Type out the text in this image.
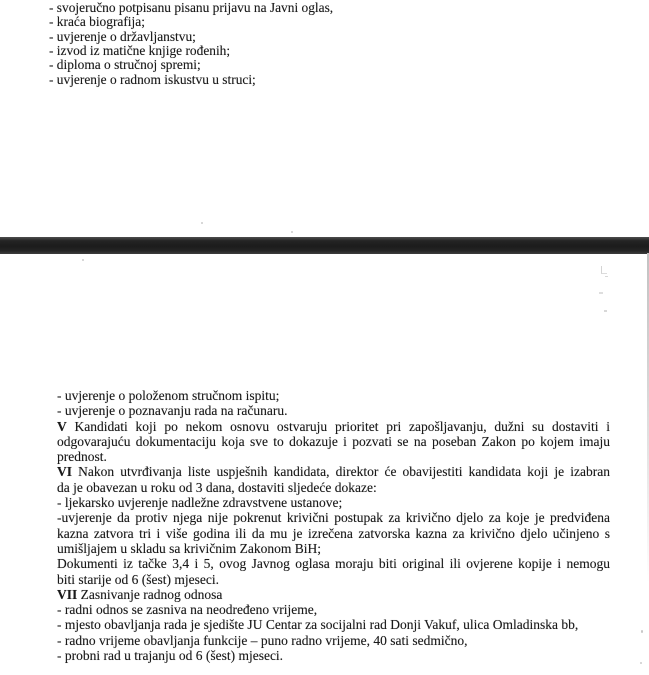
- svojeručno potpisanu pisanu prijavu na Javni oglas,
- kraća biografija;
- uvjerenje o državljanstvu;
- izvod iz matične knjige rođenih;
- diploma o stručnoj spremi;
- uvjerenje o radnom iskustvu u struci;
- uvjerenje o položenom stručnom ispitu;
- uvjerenje o poznavanju rada na računaru.
V Kandidati koji po nekom osnovu ostvaruju prioritet pri zapošljavanju, dužni su dostaviti i
odgovarajuću dokumentaciju koja sve to dokazuje i pozvati se na poseban Zakon po kojem imaju
prednost.
VI Nakon utvrđivanja liste uspješnih kandidata, direktor će obavijestiti kandidata koji je izabran
da je obavezan u roku od 3 dana, dostaviti sljedeće dokaze:
- ljekarsko uvjerenje nadležne zdravstvene ustanove;
-uvjerenje da protiv njega nije pokrenut krivični postupak za krivično djelo za koje je predviđena
kazna zatvora tri i više godina ili da mu je izrečena zatvorska kazna za krivično djelo učinjeno s
umišljajem u skladu sa krivičnim Zakonom BiH;
Dokumenti iz tačke 3,4 i 5, ovog Javnog oglasa moraju biti original ili ovjerene kopije i nemogu
biti starije od 6 (šest) mjeseci.
VII Zasnivanje radnog odnosa
- radni odnos se zasniva na neodređeno vrijeme,
- mjesto obavljanja rada je sjedište JU Centar za socijalni rad Donji Vakuf, ulica Omladinska bb,
- radno vrijeme obavljanja funkcije – puno radno vrijeme, 40 sati sedmično,
- probni rad u trajanju od 6 (šest) mjeseci.
